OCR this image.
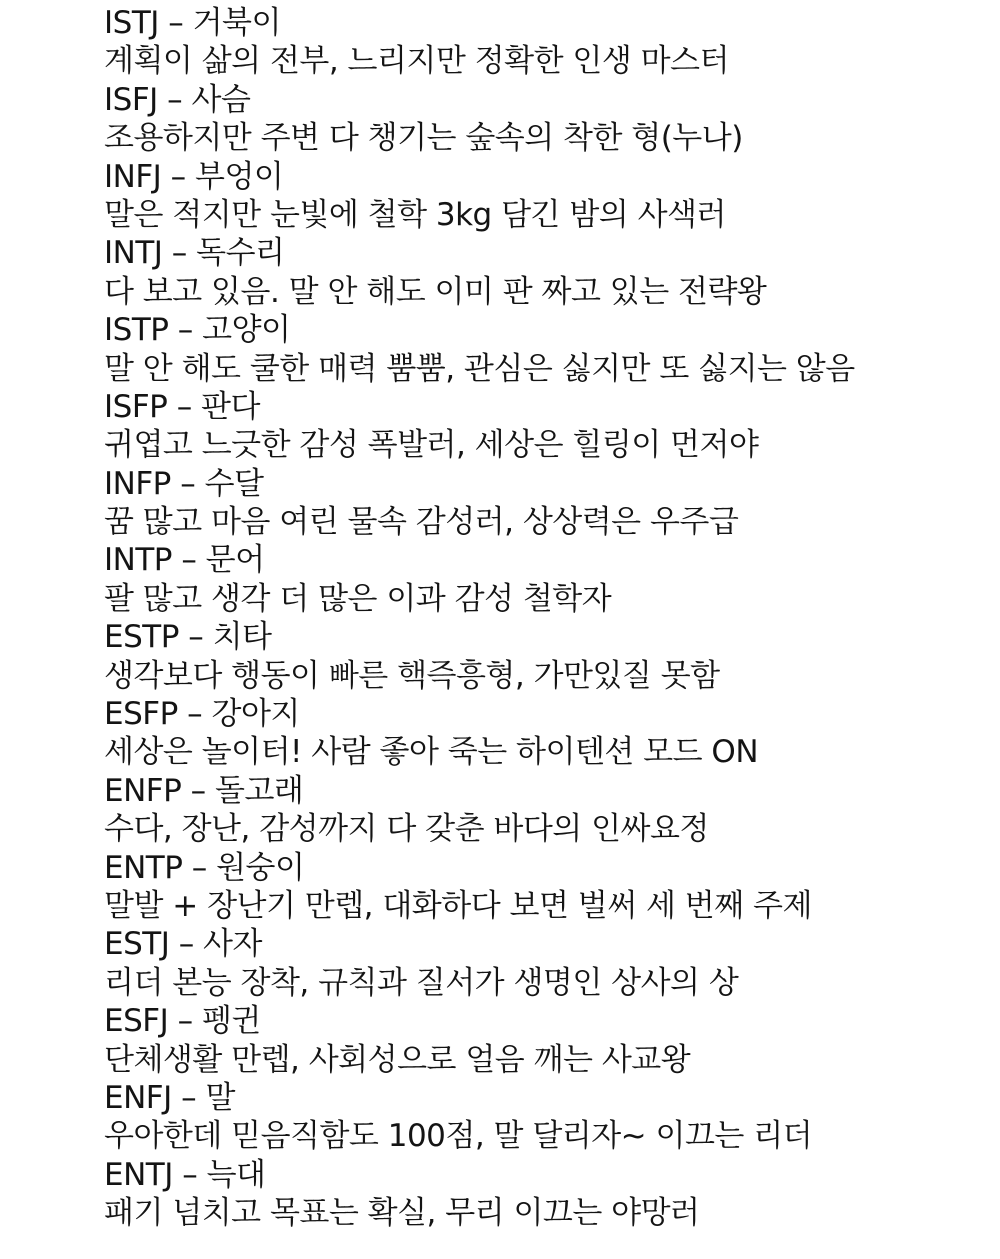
ISTJ – 거북이
계획이 삶의 전부, 느리지만 정확한 인생 마스터
ISFJ – 사슴
조용하지만 주변 다 챙기는 숲속의 착한 형(누나)
INFJ – 부엉이
말은 적지만 눈빛에 철학 3kg 담긴 밤의 사색러
INTJ – 독수리
다 보고 있음. 말 안 해도 이미 판 짜고 있는 전략왕
ISTP – 고양이
말 안 해도 쿨한 매력 뿜뿜, 관심은 싫지만 또 싫지는 않음
ISFP – 판다
귀엽고 느긋한 감성 폭발러, 세상은 힐링이 먼저야
INFP – 수달
꿈 많고 마음 여린 물속 감성러, 상상력은 우주급
INTP – 문어
팔 많고 생각 더 많은 이과 감성 철학자
ESTP – 치타
생각보다 행동이 빠른 핵즉흥형, 가만있질 못함
ESFP – 강아지
세상은 놀이터! 사람 좋아 죽는 하이텐션 모드 ON
ENFP – 돌고래
수다, 장난, 감성까지 다 갖춘 바다의 인싸요정
ENTP – 원숭이
말발 + 장난기 만렙, 대화하다 보면 벌써 세 번째 주제
ESTJ – 사자
리더 본능 장착, 규칙과 질서가 생명인 상사의 상
ESFJ – 펭귄
단체생활 만렙, 사회성으로 얼음 깨는 사교왕
ENFJ – 말
우아한데 믿음직함도 100점, 말 달리자~ 이끄는 리더
ENTJ – 늑대
패기 넘치고 목표는 확실, 무리 이끄는 야망러
